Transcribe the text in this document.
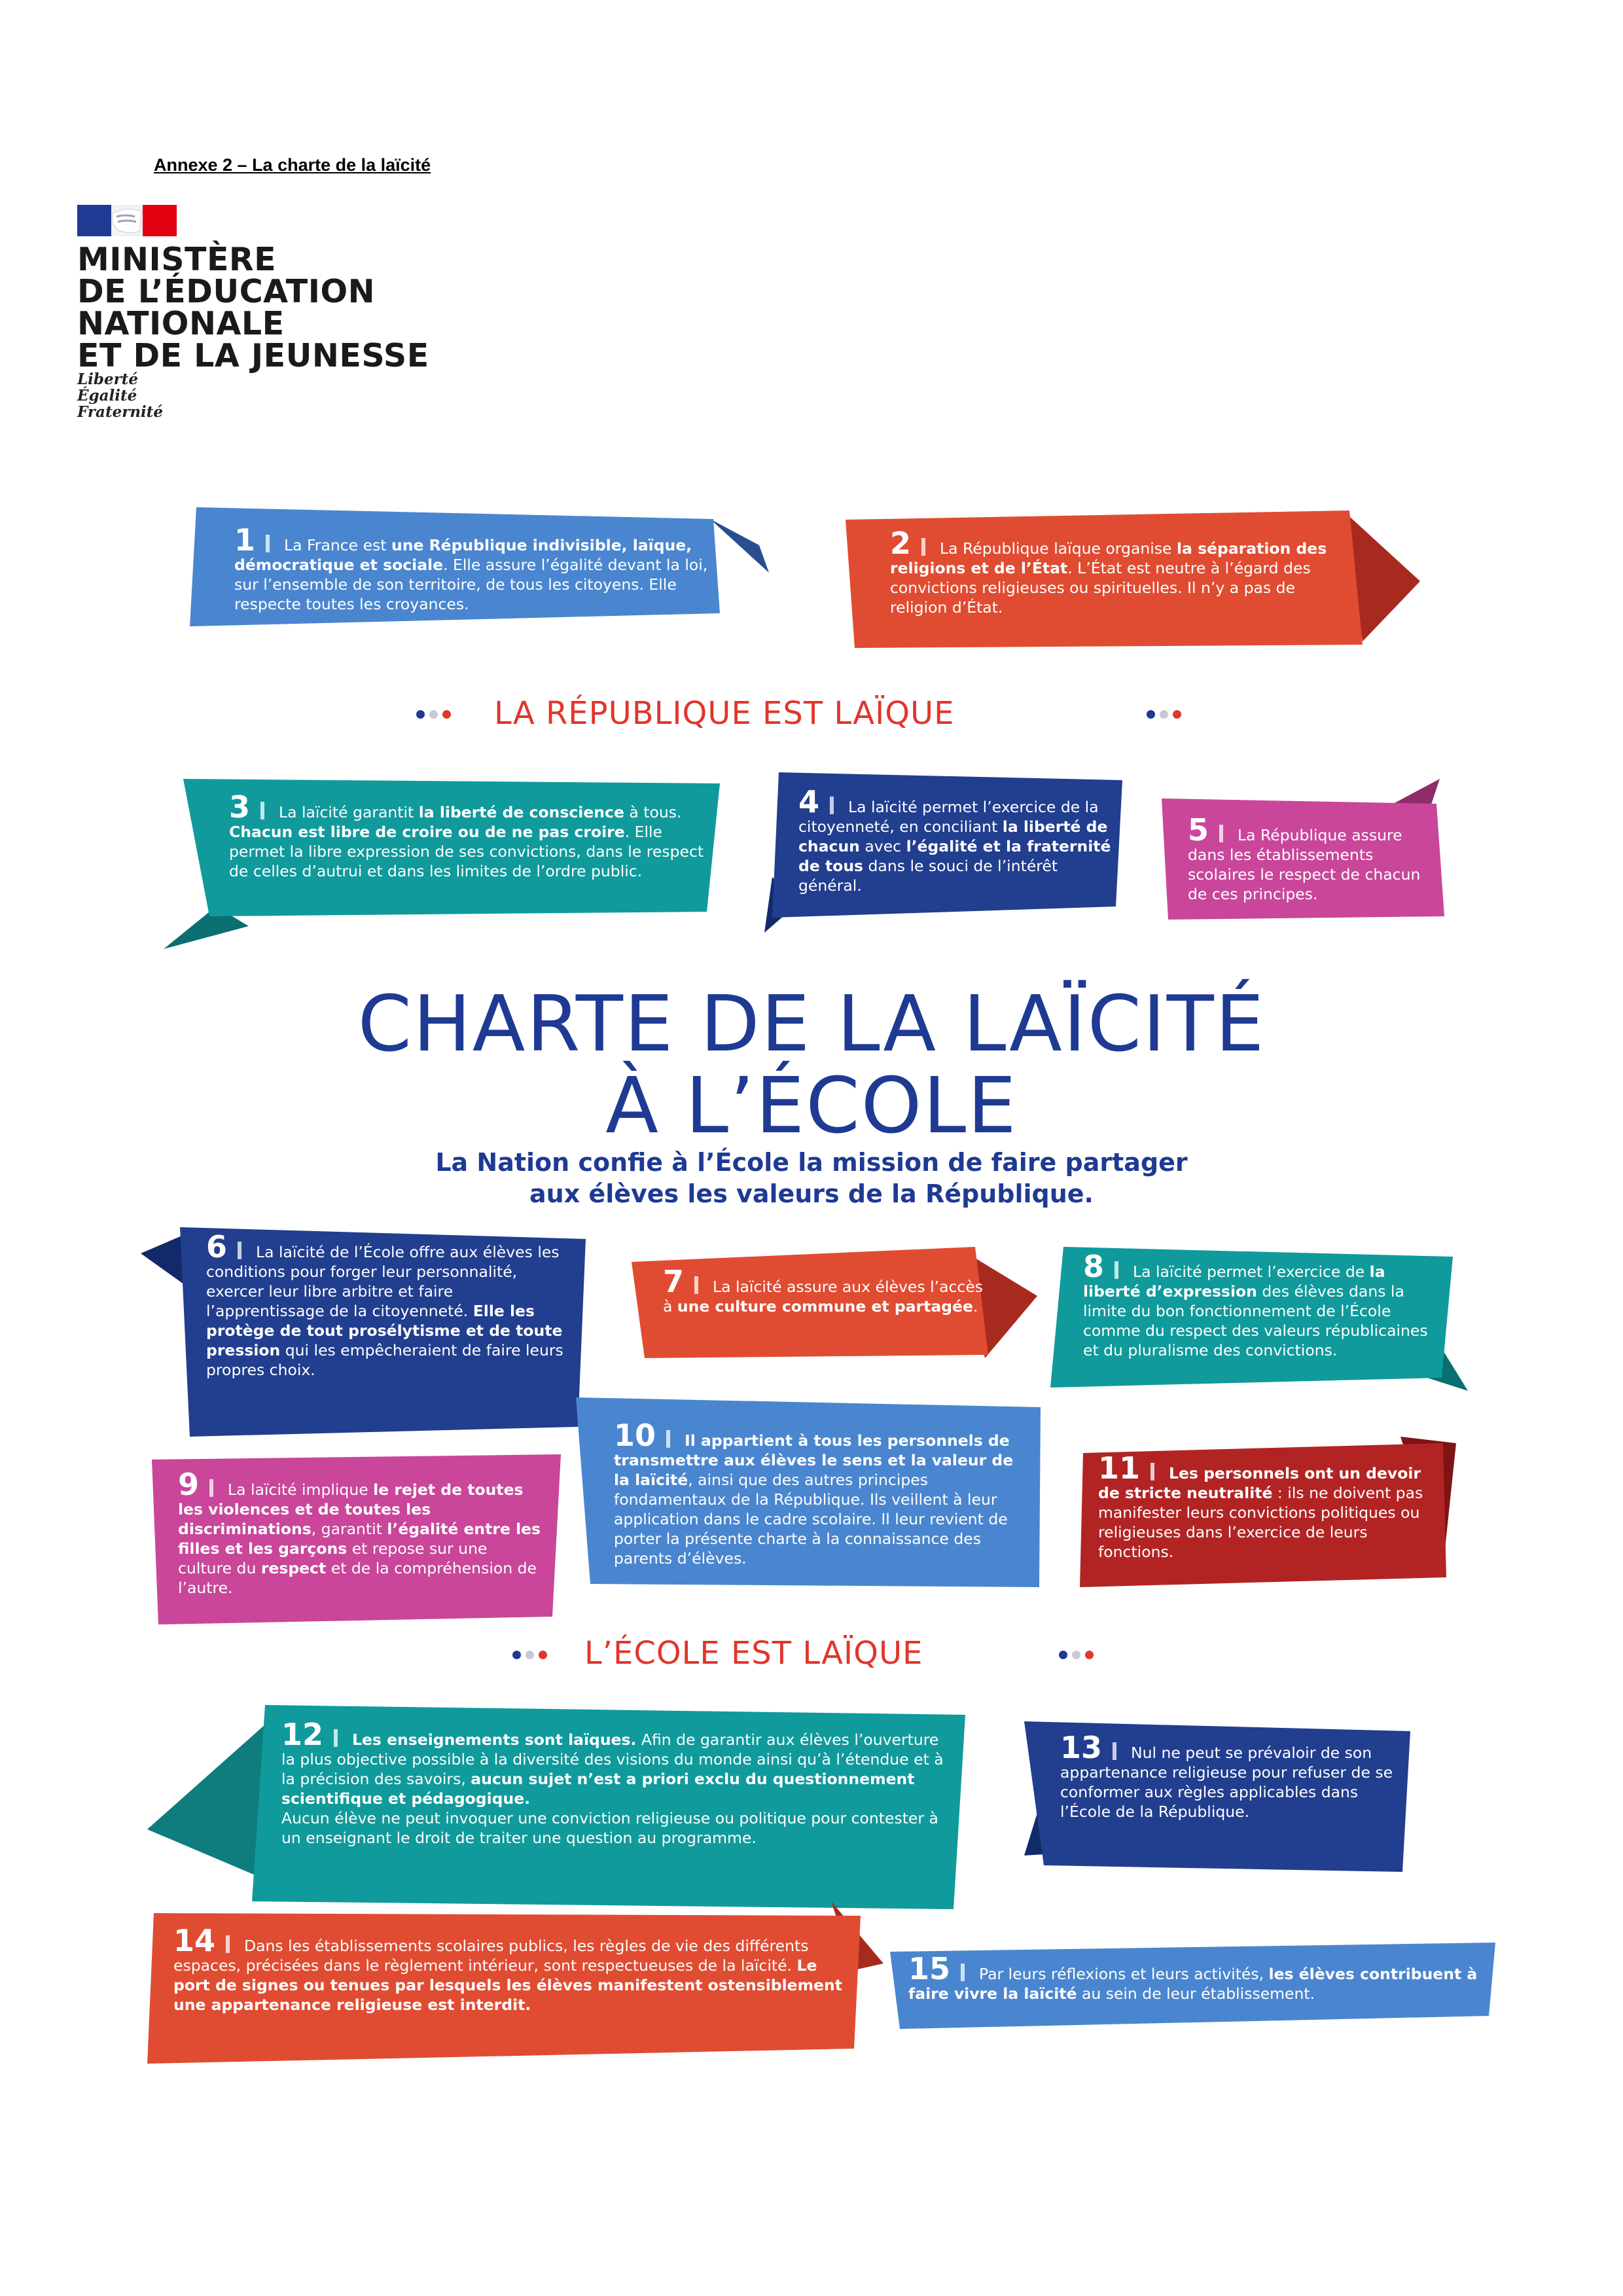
Annexe 2 – La charte de la laïcité
MINISTÈRE
DE L’ÉDUCATION
NATIONALE
ET DE LA JEUNESSE
Liberté
Égalité
Fraternité
1 La France est une République indivisible, laïque, démocratique et sociale. Elle assure l’égalité devant la loi, sur l’ensemble de son territoire, de tous les citoyens. Elle respecte toutes les croyances.
2 La République laïque organise la séparation des religions et de l’État. L’État est neutre à l’égard des convictions religieuses ou spirituelles. Il n’y a pas de religion d’État.
LA RÉPUBLIQUE EST LAÏQUE
3 La laïcité garantit la liberté de conscience à tous. Chacun est libre de croire ou de ne pas croire. Elle permet la libre expression de ses convictions, dans le respect de celles d’autrui et dans les limites de l’ordre public.
4 La laïcité permet l’exercice de la citoyenneté, en conciliant la liberté de chacun avec l’égalité et la fraternité de tous dans le souci de l’intérêt général.
5 La République assure dans les établissements scolaires le respect de chacun de ces principes.
CHARTE DE LA LAÏCITÉ
À L’ÉCOLE
La Nation confie à l’École la mission de faire partager
aux élèves les valeurs de la République.
6 La laïcité de l’École offre aux élèves les conditions pour forger leur personnalité, exercer leur libre arbitre et faire l’apprentissage de la citoyenneté. Elle les protège de tout prosélytisme et de toute pression qui les empêcheraient de faire leurs propres choix.
7 La laïcité assure aux élèves l’accès à une culture commune et partagée.
8 La laïcité permet l’exercice de la liberté d’expression des élèves dans la limite du bon fonctionnement de l’École comme du respect des valeurs républicaines et du pluralisme des convictions.
10 Il appartient à tous les personnels de transmettre aux élèves le sens et la valeur de la laïcité, ainsi que des autres principes fondamentaux de la République. Ils veillent à leur application dans le cadre scolaire. Il leur revient de porter la présente charte à la connaissance des parents d’élèves.
9 La laïcité implique le rejet de toutes les violences et de toutes les discriminations, garantit l’égalité entre les filles et les garçons et repose sur une culture du respect et de la compréhension de l’autre.
11 Les personnels ont un devoir de stricte neutralité : ils ne doivent pas manifester leurs convictions politiques ou religieuses dans l’exercice de leurs fonctions.
L’ÉCOLE EST LAÏQUE
12 Les enseignements sont laïques. Afin de garantir aux élèves l’ouverture la plus objective possible à la diversité des visions du monde ainsi qu’à l’étendue et à la précision des savoirs, aucun sujet n’est a priori exclu du questionnement scientifique et pédagogique.

Aucun élève ne peut invoquer une conviction religieuse ou politique pour contester à un enseignant le droit de traiter une question au programme.

13 Nul ne peut se prévaloir de son appartenance religieuse pour refuser de se conformer aux règles applicables dans l’École de la République.
14 Dans les établissements scolaires publics, les règles de vie des différents espaces, précisées dans le règlement intérieur, sont respectueuses de la laïcité. Le port de signes ou tenues par lesquels les élèves manifestent ostensiblement une appartenance religieuse est interdit.
15 Par leurs réflexions et leurs activités, les élèves contribuent à faire vivre la laïcité au sein de leur établissement.
